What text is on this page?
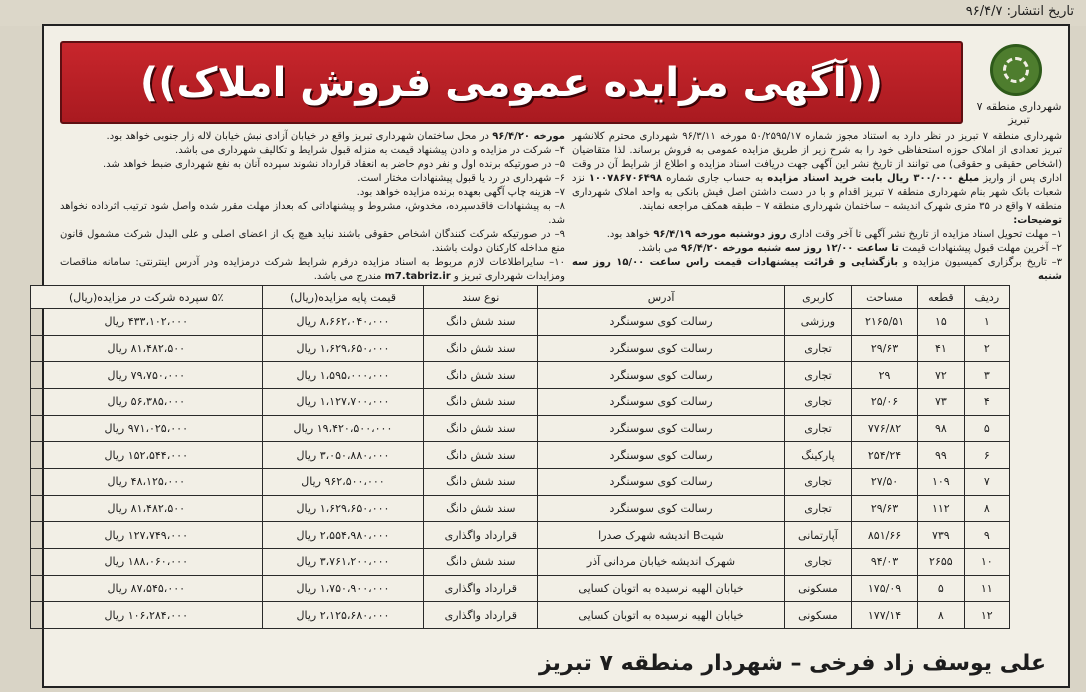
تاریخ انتشار: ۹۶/۴/۷
شهرداری منطقه ۷ تبریز
((آگهی مزایده عمومی فروش املاک))

شهرداری منطقه ۷ تبریز در نظر دارد به استناد مجوز شماره ۵۰/۲۵۹۵/۱۷ مورخه ۹۶/۳/۱۱ شهرداری محترم کلانشهر تبریز تعدادی از املاک حوزه استحفاظی خود را به شرح زیر از طریق مزایده عمومی به فروش برساند. لذا متقاضیان (اشخاص حقیقی و حقوقی) می توانند از تاریخ نشر این آگهی جهت دریافت اسناد مزایده و اطلاع از شرایط آن در وقت اداری پس از واریز مبلغ ۳۰۰/۰۰۰ ریال بابت خرید اسناد مزایده به حساب جاری شماره ۱۰۰۷۸۶۷۰۶۴۹۸ نزد شعبات بانک شهر بنام شهرداری منطقه ۷ تبریز اقدام و با در دست داشتن اصل فیش بانکی به واحد املاک شهرداری منطقه ۷ واقع در ۳۵ متری شهرک اندیشه – ساختمان شهرداری منطقه ۷ – طبقه همکف مراجعه نمایند.

توضیحات:

۱– مهلت تحویل اسناد مزایده از تاریخ نشر آگهی تا آخر وقت اداری روز دوشنبه مورخه ۹۶/۴/۱۹ خواهد بود.

۲– آخرین مهلت قبول پیشنهادات قیمت تا ساعت ۱۲/۰۰ روز سه شنبه مورخه ۹۶/۴/۲۰ می باشد.

۳– تاریخ برگزاری کمیسیون مزایده و بازگشایی و قرائت پیشنهادات قیمت راس ساعت ۱۵/۰۰ روز سه شنبه

مورخه ۹۶/۴/۲۰ در محل ساختمان شهرداری تبریز واقع در خیابان آزادی نبش خیابان لاله زار جنوبی خواهد بود.

۴– شرکت در مزایده و دادن پیشنهاد قیمت به منزله قبول شرایط و تکالیف شهرداری می باشد.

۵– در صورتیکه برنده اول و نفر دوم حاضر به انعقاد قرارداد نشوند سپرده آنان به نفع شهرداری ضبط خواهد شد.

۶– شهرداری در رد یا قبول پیشنهادات مختار است.

۷– هزینه چاپ آگهی بعهده برنده مزایده خواهد بود.

۸– به پیشنهادات فاقدسپرده، مخدوش، مشروط و پیشنهاداتی که بعداز مهلت مقرر شده واصل شود ترتیب اثرداده نخواهد شد.

۹– در صورتیکه شرکت کنندگان اشخاص حقوقی باشند نباید هیچ یک از اعضای اصلی و علی البدل شرکت مشمول قانون منع مداخله کارکنان دولت باشند.

۱۰– سایراطلاعات لازم مربوط به اسناد مزایده درفرم شرایط شرکت درمزایده ودر آدرس اینترنتی: سامانه مناقصات ومزایدات شهرداری تبریز و m7.tabriz.ir مندرج می باشد.

علی یوسف زاد فرخی – شهردار منطقه ۷ تبریز
ردیف	قطعه	مساحت	کاربری	آدرس	نوع سند	قیمت پایه مزایده(ریال)	۵٪ سپرده شرکت در مزایده(ریال)
۱	۱۵	۲۱۶۵/۵۱	ورزشی	رسالت کوی سوسنگرد	سند شش دانگ	۸،۶۶۲،۰۴۰،۰۰۰ ریال	۴۳۳،۱۰۲،۰۰۰ ریال
۲	۴۱	۲۹/۶۳	تجاری	رسالت کوی سوسنگرد	سند شش دانگ	۱،۶۲۹،۶۵۰،۰۰۰ ریال	۸۱،۴۸۲،۵۰۰ ریال
۳	۷۲	۲۹	تجاری	رسالت کوی سوسنگرد	سند شش دانگ	۱،۵۹۵،۰۰۰،۰۰۰ ریال	۷۹،۷۵۰،۰۰۰ ریال
۴	۷۳	۲۵/۰۶	تجاری	رسالت کوی سوسنگرد	سند شش دانگ	۱،۱۲۷،۷۰۰،۰۰۰ ریال	۵۶،۳۸۵،۰۰۰ ریال
۵	۹۸	۷۷۶/۸۲	تجاری	رسالت کوی سوسنگرد	سند شش دانگ	۱۹،۴۲۰،۵۰۰،۰۰۰ ریال	۹۷۱،۰۲۵،۰۰۰ ریال
۶	۹۹	۲۵۴/۲۴	پارکینگ	رسالت کوی سوسنگرد	سند شش دانگ	۳،۰۵۰،۸۸۰،۰۰۰ ریال	۱۵۲،۵۴۴،۰۰۰ ریال
۷	۱۰۹	۲۷/۵۰	تجاری	رسالت کوی سوسنگرد	سند شش دانگ	۹۶۲،۵۰۰،۰۰۰ ریال	۴۸،۱۲۵،۰۰۰ ریال
۸	۱۱۲	۲۹/۶۳	تجاری	رسالت کوی سوسنگرد	سند شش دانگ	۱،۶۲۹،۶۵۰،۰۰۰ ریال	۸۱،۴۸۲،۵۰۰ ریال
۹	۷۳۹	۸۵۱/۶۶	آپارتمانی	شیتB اندیشه شهرک صدرا	قرارداد واگذاری	۲،۵۵۴،۹۸۰،۰۰۰ ریال	۱۲۷،۷۴۹،۰۰۰ ریال
۱۰	۲۶۵۵	۹۴/۰۳	تجاری	شهرک اندیشه خیابان مردانی آذر	سند شش دانگ	۳،۷۶۱،۲۰۰،۰۰۰ ریال	۱۸۸،۰۶۰،۰۰۰ ریال
۱۱	۵	۱۷۵/۰۹	مسکونی	خیابان الهیه نرسیده به اتوبان کسایی	قرارداد واگذاری	۱،۷۵۰،۹۰۰،۰۰۰ ریال	۸۷،۵۴۵،۰۰۰ ریال
۱۲	۸	۱۷۷/۱۴	مسکونی	خیابان الهیه نرسیده به اتوبان کسایی	قرارداد واگذاری	۲،۱۲۵،۶۸۰،۰۰۰ ریال	۱۰۶،۲۸۴،۰۰۰ ریال
